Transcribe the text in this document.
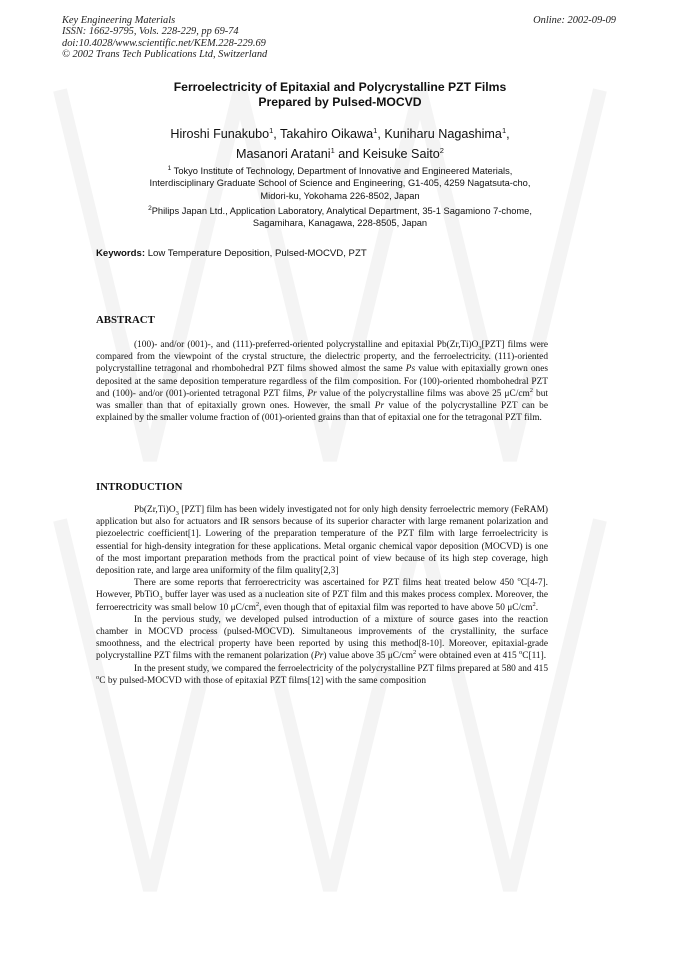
Key Engineering Materials
ISSN: 1662-9795, Vols. 228-229, pp 69-74
doi:10.4028/www.scientific.net/KEM.228-229.69
© 2002 Trans Tech Publications Ltd, Switzerland
Online: 2002-09-09
Ferroelectricity of Epitaxial and Polycrystalline PZT Films
Prepared by Pulsed-MOCVD
Hiroshi Funakubo$^1$, Takahiro Oikawa$^1$, Kuniharu Nagashima$^1$,
Masanori Aratani$^1$ and Keisuke Saito$^2$
$^1$ Tokyo Institute of Technology, Department of Innovative and Engineered Materials,
Interdisciplinary Graduate School of Science and Engineering, G1-405, 4259 Nagatsuta-cho,
Midori-ku, Yokohama 226-8502, Japan
$^2$Philips Japan Ltd., Application Laboratory, Analytical Department, 35-1 Sagamiono 7-chome,
Sagamihara, Kanagawa, 228-8505, Japan
Keywords: Low Temperature Deposition, Pulsed-MOCVD, PZT
ABSTRACT

(100)- and/or (001)-, and (111)-preferred-oriented polycrystalline and epitaxial $Pb(Zr,Ti)O_3[PZT]$ films were compared from the viewpoint of the crystal structure, the dielectric property, and the ferroelectricity. (111)-oriented polycrystalline tetragonal and rhombohedral PZT films showed almost the same Ps value with epitaxially grown ones deposited at the same deposition temperature regardless of the film composition. For (100)-oriented rhombohedral PZT and (100)- and/or (001)-oriented tetragonal PZT films, Pr value of the polycrystalline films was above 25 $\mu C/cm^2$ but was smaller than that of epitaxially grown ones. However, the small Pr value of the polycrystalline PZT can be explained by the smaller volume fraction of (001)-oriented grains than that of epitaxial one for the tetragonal PZT film.

INTRODUCTION

$Pb(Zr,Ti)O_3$ [PZT] film has been widely investigated not for only high density ferroelectric memory (FeRAM) application but also for actuators and IR sensors because of its superior character with large remanent polarization and piezoelectric coefficient[1]. Lowering of the preparation temperature of the PZT film with large ferroelectricity is essential for high-density integration for these applications. Metal organic chemical vapor deposition (MOCVD) is one of the most important preparation methods from the practical point of view because of its high step coverage, high deposition rate, and large area uniformity of the film quality[2,3]

There are some reports that ferroerectricity was ascertained for PZT films heat treated below 450 $^o$C[4-7]. However, PbTiO$_3$ buffer layer was used as a nucleation site of PZT film and this makes process complex. Moreover, the ferroerectricity was small below 10 $\mu C/cm^2$, even though that of epitaxial film was reported to have above 50 $\mu C/cm^2$.

In the pervious study, we developed pulsed introduction of a mixture of source gases into the reaction chamber in MOCVD process (pulsed-MOCVD). Simultaneous improvements of the crystallinity, the surface smoothness, and the electrical property have been reported by using this method[8-10]. Moreover, epitaxial-grade polycrystalline PZT films with the remanent polarization (Pr) value above 35 $\mu C/cm^2$ were obtained even at 415 $^o$C[11].

In the present study, we compared the ferroelectricity of the polycrystalline PZT films prepared at 580 and 415 $^o$C by pulsed-MOCVD with those of epitaxial PZT films[12] with the same composition
